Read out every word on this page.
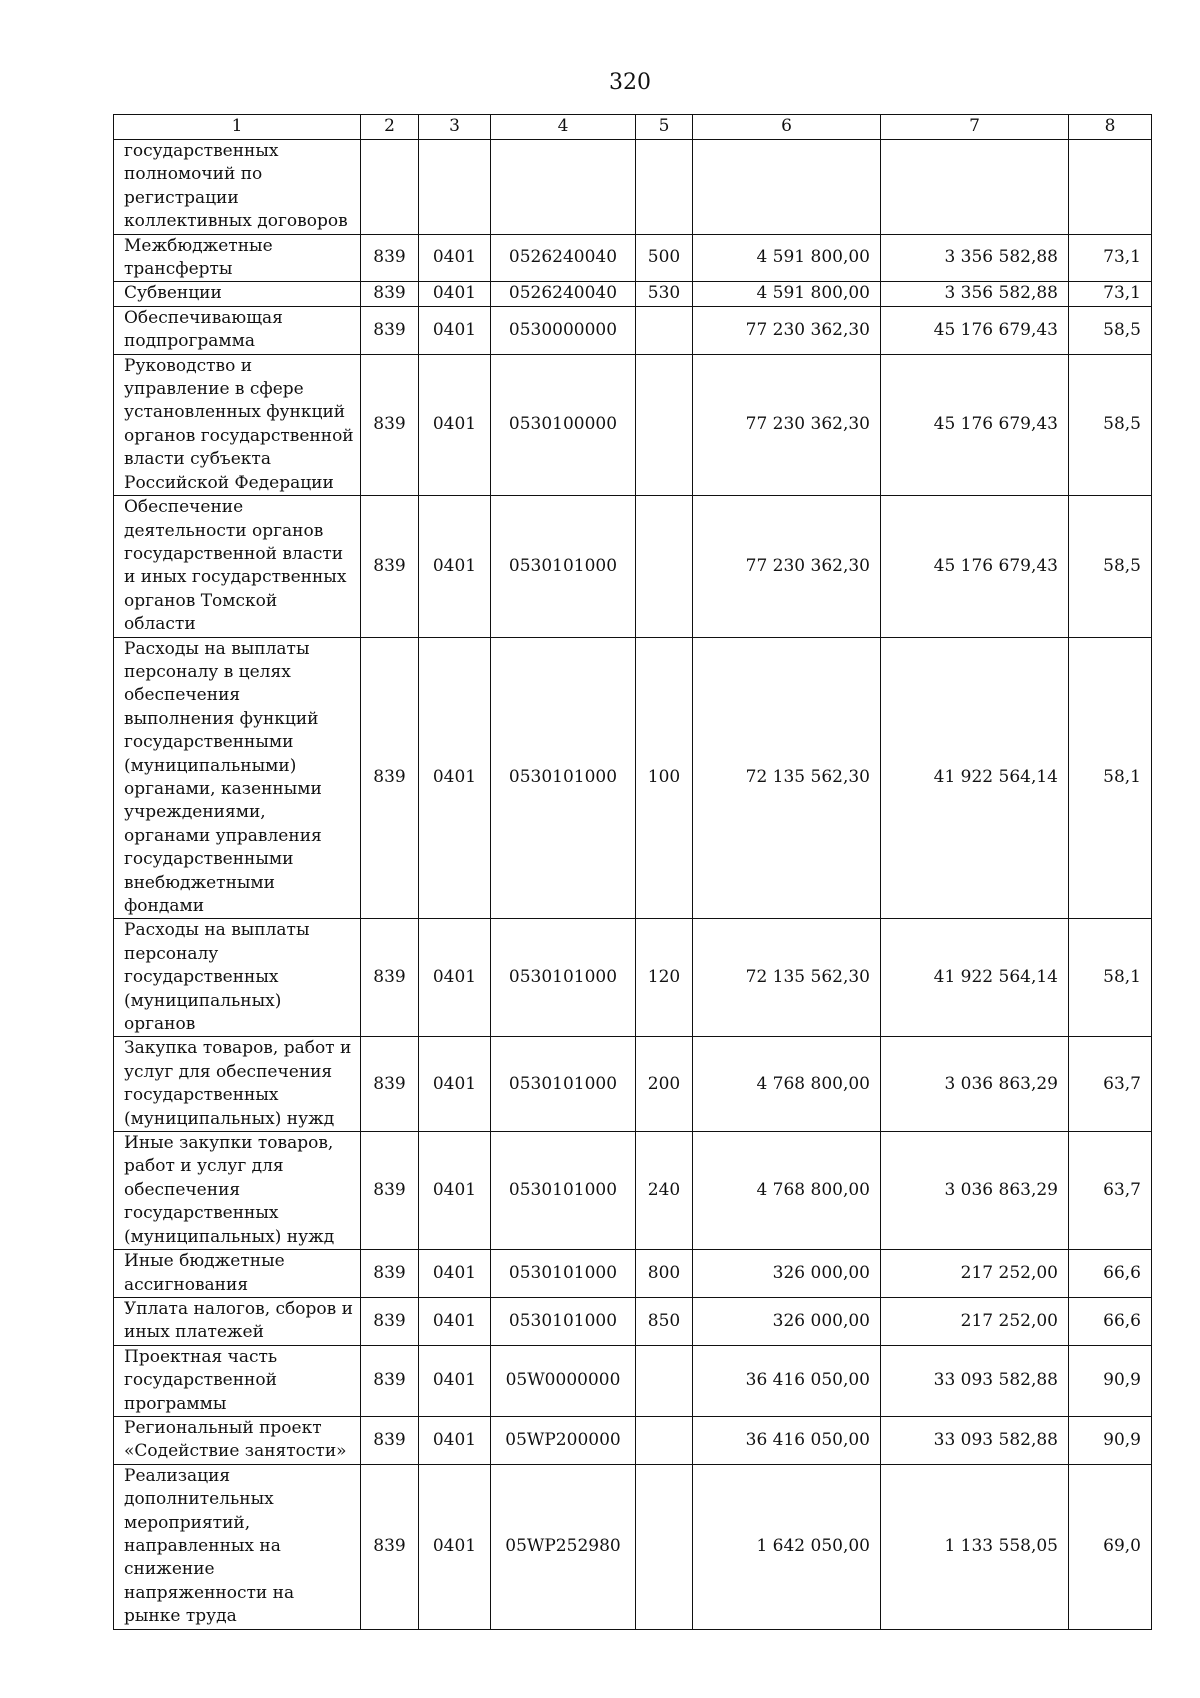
320
1	2	3	4	5	6	7	8
государственных полномочий по регистрации коллективных договоров							
Межбюджетные трансферты	839	0401	0526240040	500	4 591 800,00	3 356 582,88	73,1
Субвенции	839	0401	0526240040	530	4 591 800,00	3 356 582,88	73,1
Обеспечивающая подпрограмма	839	0401	0530000000		77 230 362,30	45 176 679,43	58,5
Руководство и управление в сфере установленных функций органов государственной власти субъекта Российской Федерации	839	0401	0530100000		77 230 362,30	45 176 679,43	58,5
Обеспечение деятельности органов государственной власти и иных государственных органов Томской области	839	0401	0530101000		77 230 362,30	45 176 679,43	58,5
Расходы на выплаты персоналу в целях обеспечения выполнения функций государственными (муниципальными) органами, казенными учреждениями, органами управления государственными внебюджетными фондами	839	0401	0530101000	100	72 135 562,30	41 922 564,14	58,1
Расходы на выплаты персоналу государственных (муниципальных) органов	839	0401	0530101000	120	72 135 562,30	41 922 564,14	58,1
Закупка товаров, работ и услуг для обеспечения государственных (муниципальных) нужд	839	0401	0530101000	200	4 768 800,00	3 036 863,29	63,7
Иные закупки товаров, работ и услуг для обеспечения государственных (муниципальных) нужд	839	0401	0530101000	240	4 768 800,00	3 036 863,29	63,7
Иные бюджетные ассигнования	839	0401	0530101000	800	326 000,00	217 252,00	66,6
Уплата налогов, сборов и иных платежей	839	0401	0530101000	850	326 000,00	217 252,00	66,6
Проектная часть государственной программы	839	0401	05W0000000		36 416 050,00	33 093 582,88	90,9
Региональный проект «Содействие занятости»	839	0401	05WP200000		36 416 050,00	33 093 582,88	90,9
Реализация дополнительных мероприятий, направленных на снижение напряженности на рынке труда	839	0401	05WP252980		1 642 050,00	1 133 558,05	69,0
